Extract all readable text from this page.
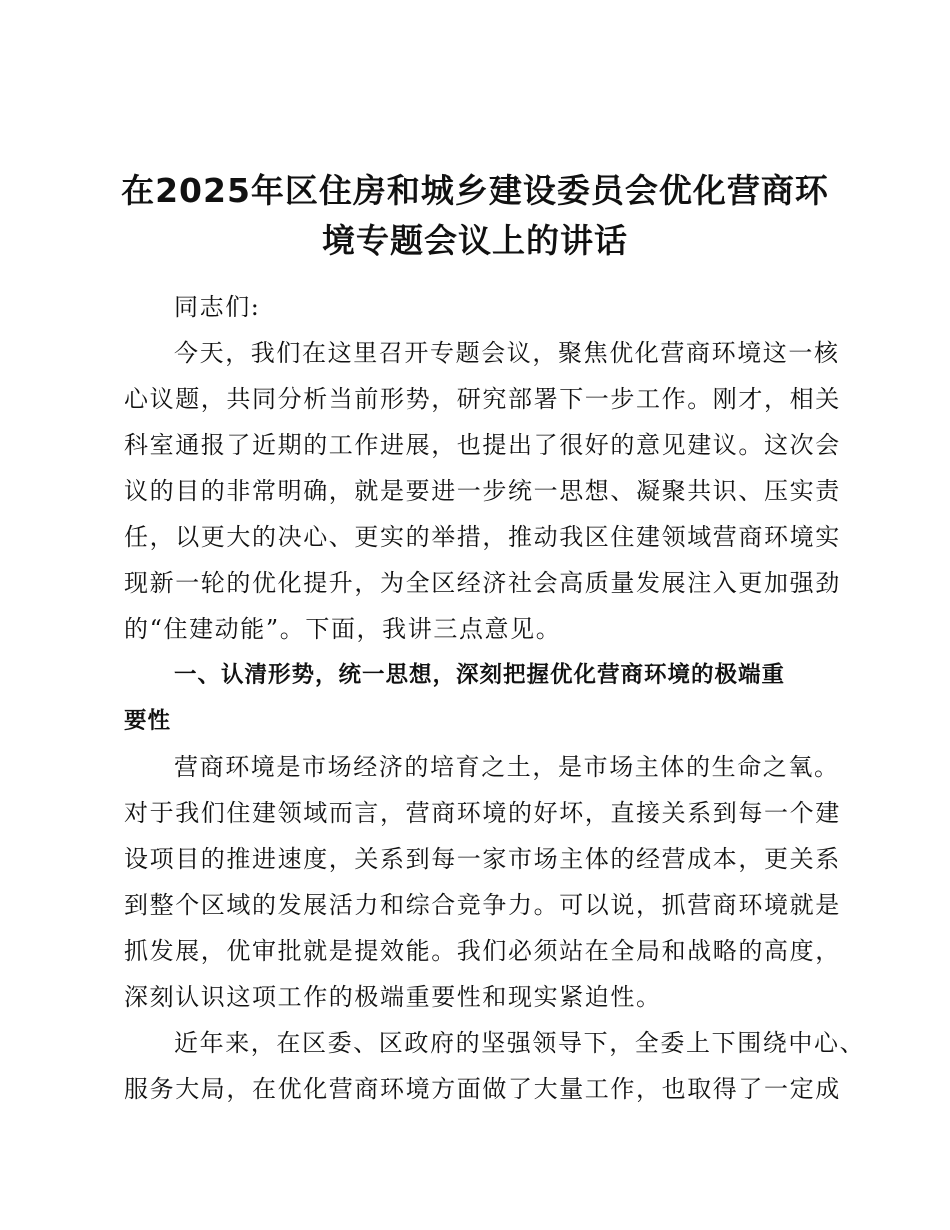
在2025年区住房和城乡建设委员会优化营商环
境专题会议上的讲话
同志们:
今天，我们在这里召开专题会议，聚焦优化营商环境这一核
心议题，共同分析当前形势，研究部署下一步工作。刚才，相关
科室通报了近期的工作进展，也提出了很好的意见建议。这次会
议的目的非常明确，就是要进一步统一思想、凝聚共识、压实责
任，以更大的决心、更实的举措，推动我区住建领域营商环境实
现新一轮的优化提升，为全区经济社会高质量发展注入更加强劲
的“住建动能”。下面，我讲三点意见。
一、认清形势，统一思想，深刻把握优化营商环境的极端重
要性
营商环境是市场经济的培育之土，是市场主体的生命之氧。
对于我们住建领域而言，营商环境的好坏，直接关系到每一个建
设项目的推进速度，关系到每一家市场主体的经营成本，更关系
到整个区域的发展活力和综合竞争力。可以说，抓营商环境就是
抓发展，优审批就是提效能。我们必须站在全局和战略的高度，
深刻认识这项工作的极端重要性和现实紧迫性。
近年来，在区委、区政府的坚强领导下，全委上下围绕中心、
服务大局，在优化营商环境方面做了大量工作，也取得了一定成
